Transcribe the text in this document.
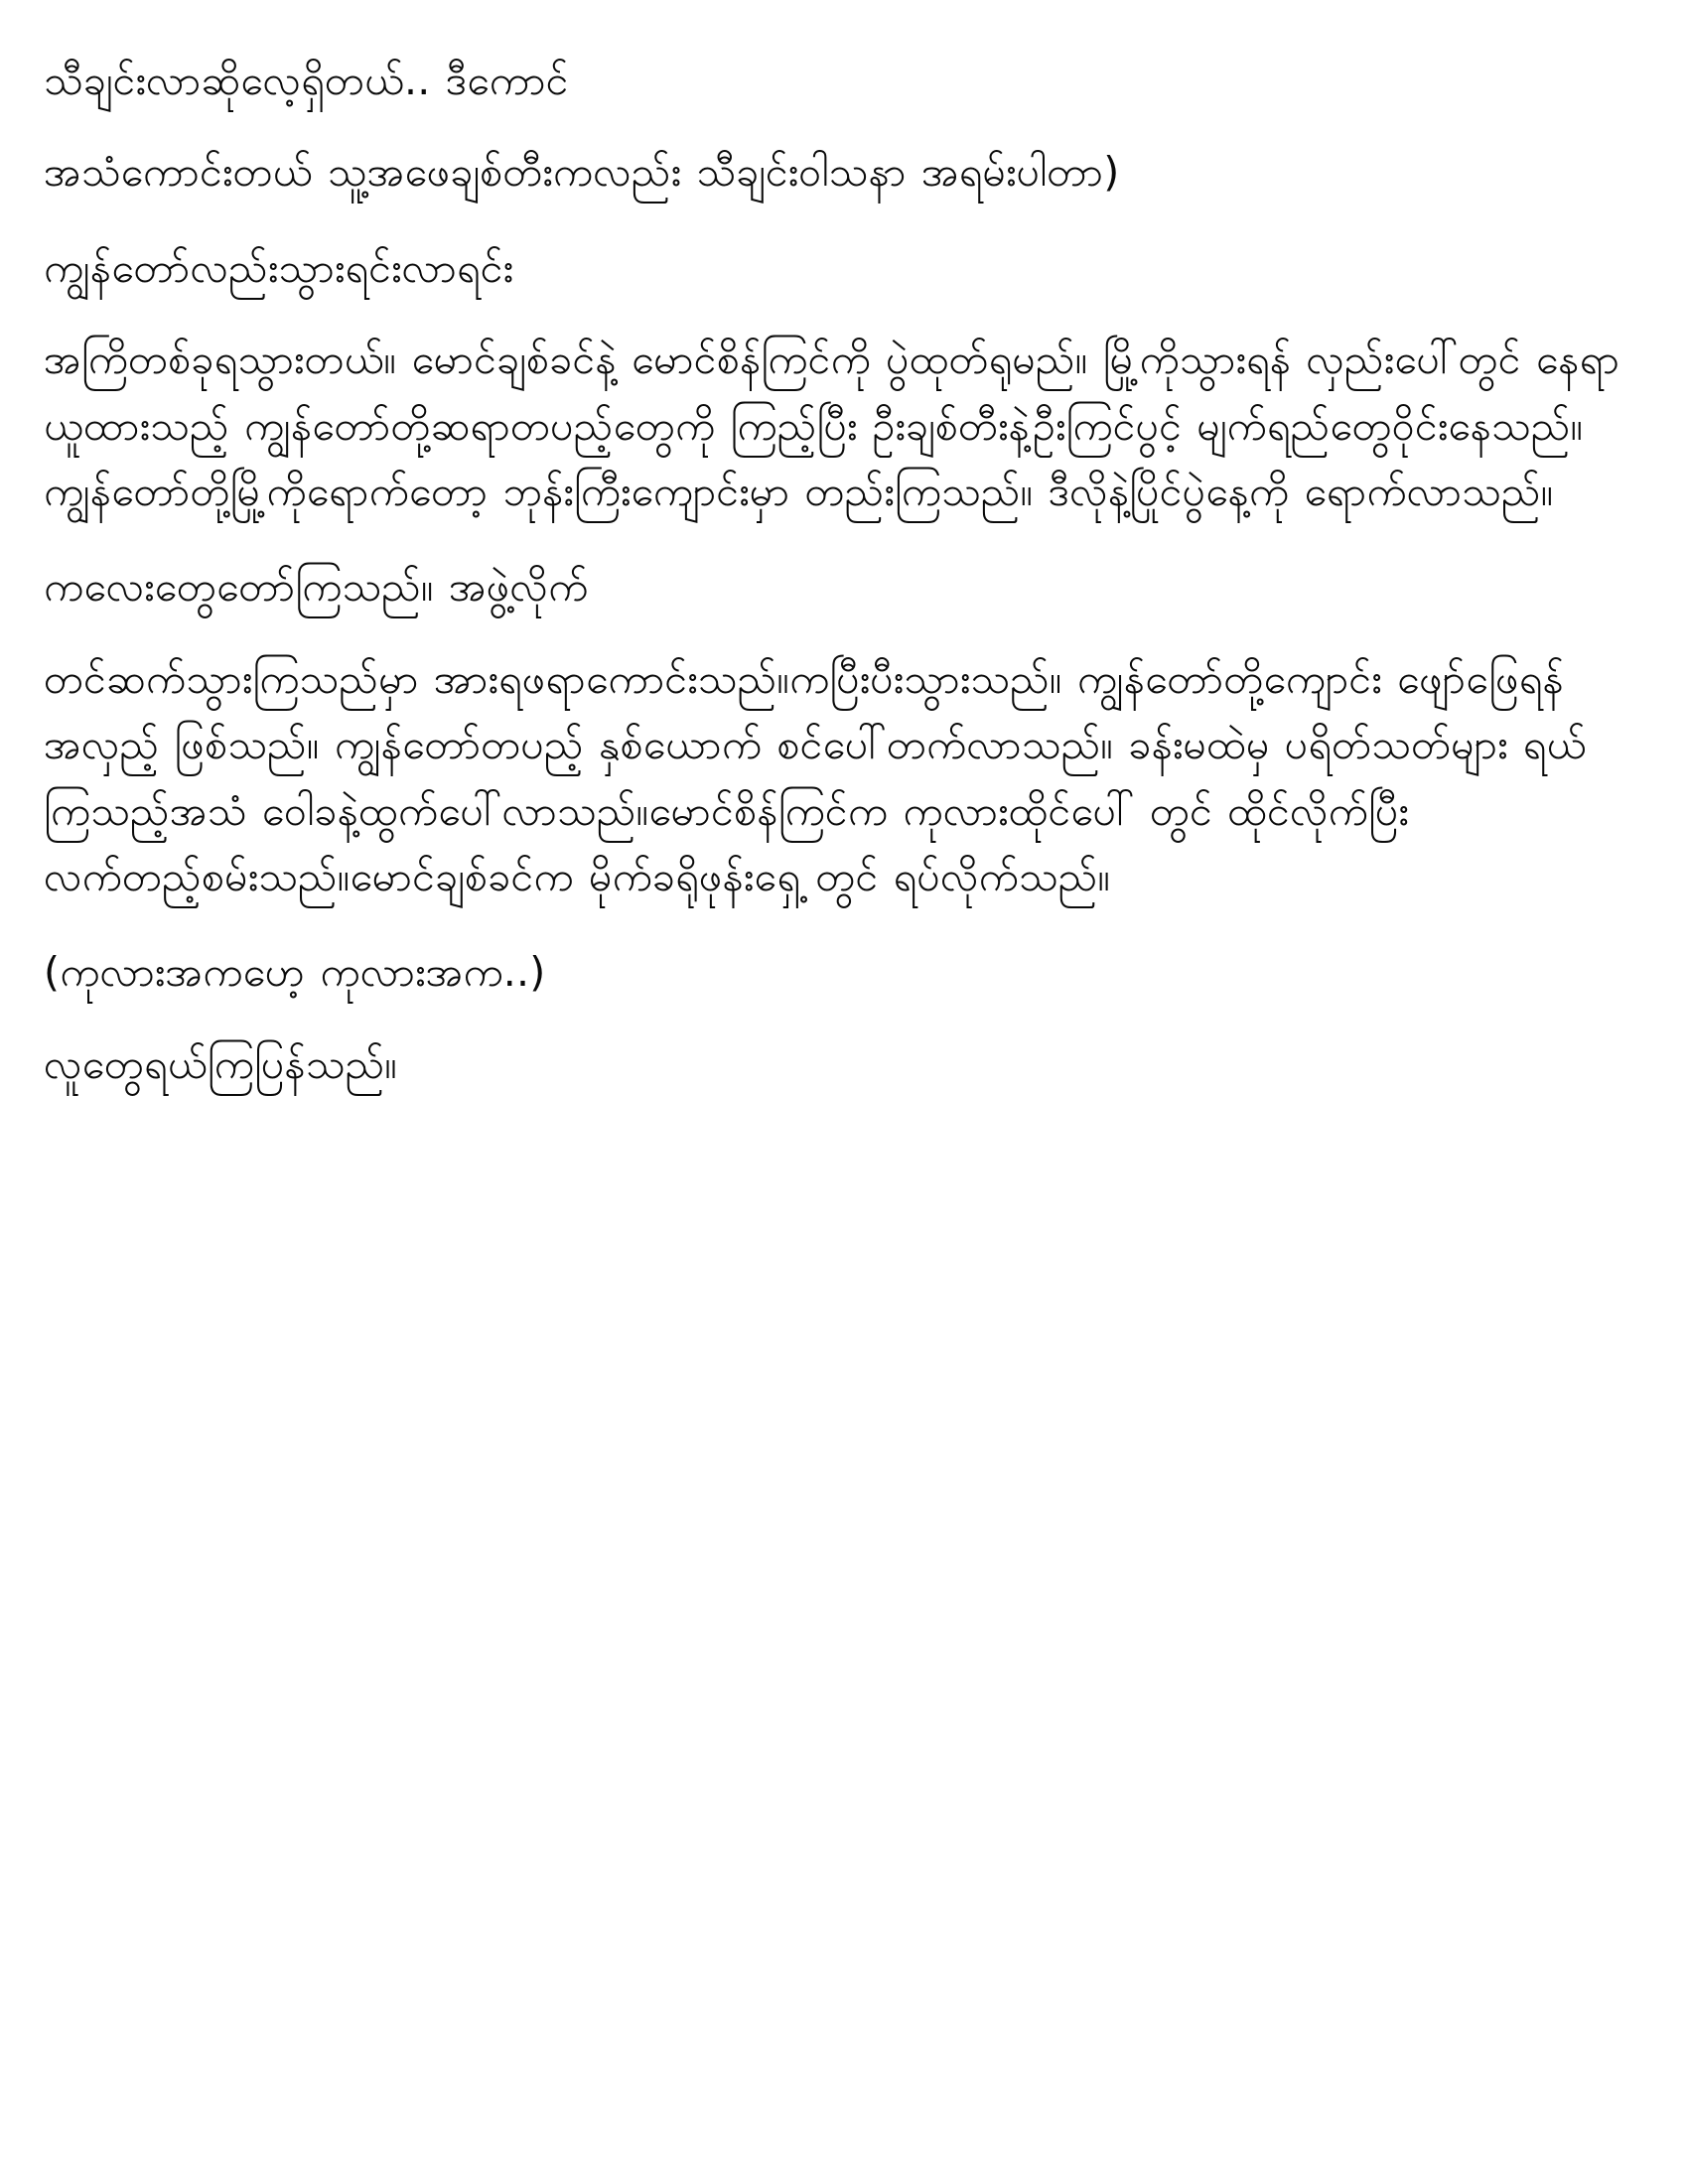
သီချင်းလာဆိုလေ့ရှိတယ်.. ဒီကောင်

အသံကောင်းတယ် သူ့အဖေချစ်တီးကလည်း သီချင်းဝါသနာ အရမ်းပါတာ)

ကျွန်တော်လည်းသွားရင်းလာရင်း

အကြိတစ်ခုရသွားတယ်။ မောင်ချစ်ခင်နဲ့ မောင်စိန်ကြင်ကို ပွဲထုတ်ရုမည်။ မြို့ကိုသွားရန် လှည်းပေါ်တွင် နေရာယူထားသည့် ကျွန်တော်တို့ဆရာတပည့်တွေကို ကြည့်ပြီး ဦးချစ်တီးနဲ့ဦးကြင်ပွင့် မျက်ရည်တွေဝိုင်းနေသည်။ ကျွန်တော်တို့မြို့ကိုရောက်တော့ ဘုန်းကြီးကျောင်းမှာ တည်းကြသည်။ ဒီလိုနဲ့ပြိုင်ပွဲနေ့ကို ရောက်လာသည်။

ကလေးတွေတော်ကြသည်။ အဖွဲ့လိုက်

တင်ဆက်သွားကြသည်မှာ အားရဖရာကောင်းသည်။ကပြီးပီးသွားသည်။ ကျွန်တော်တို့ကျောင်း ဖျော်ဖြေရန်အလှည့် ဖြစ်သည်။ ကျွန်တော်တပည့် နှစ်ယောက် စင်ပေါ်တက်လာသည်။ ခန်းမထဲမှ ပရိတ်သတ်များ ရယ်ကြသည့်အသံ ဝေါခနဲ့ထွက်ပေါ်လာသည်။မောင်စိန်ကြင်က ကုလားထိုင်ပေါ် တွင် ထိုင်လိုက်ပြီး လက်တည့်စမ်းသည်။မောင်ချစ်ခင်က မိုက်ခရိုဖုန်းရှေ့ တွင် ရပ်လိုက်သည်။

(ကုလားအကဟေ့ ကုလားအက..)

လူတွေရယ်ကြပြန်သည်။
